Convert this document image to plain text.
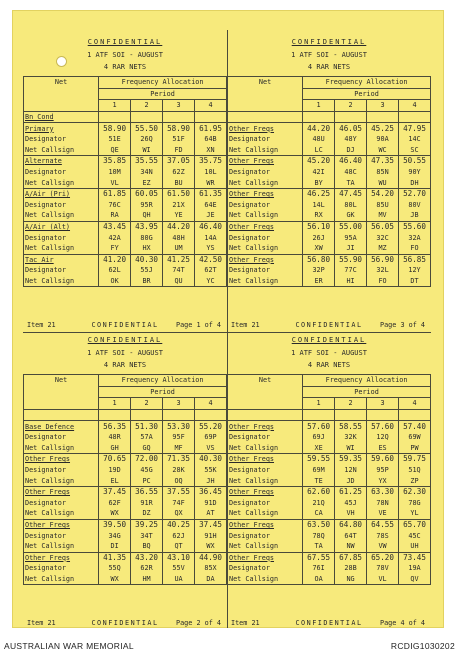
CONFIDENTIAL
1 ATF SOI - AUGUST
4 RAR NETS
Net	Frequency Allocation			
	Period			
	1	2	3	4
Bn Cond				
Primary	58.90	55.50	58.90	61.95
Designator	51E	26Q	51F	64B
Net Callsign	QE	WI	FD	XN
Alternate	35.85	35.55	37.05	35.75
Designator	10M	34N	62Z	10L
Net Callsign	VL	EZ	BU	WR
A/Air (Pri)	61.85	60.05	61.50	61.35
Designator	76C	95R	21X	64E
Net Callsign	RA	QH	YE	JE
A/Air (Alt)	43.45	43.95	44.20	46.40
Designator	42A	80G	48H	14A
Net Callsign	FY	HX	UM	YS
Tac Air	41.20	40.30	41.25	42.50
Designator	62L	55J	74T	62T
Net Callsign	OK	BR	QU	YC
Item 21	CONFIDENTIAL	Page 1 of 4
CONFIDENTIAL
1 ATF SOI - AUGUST
4 RAR NETS
Net	Frequency Allocation			
	Period			
	1	2	3	4

Other Freqs	44.20	46.05	45.25	47.95
Designator	48U	48Y	90A	14C
Net Callsign	LC	DJ	WC	SC
Other Freqs	45.20	46.40	47.35	50.55
Designator	42I	48C	85N	90Y
Net Callsign	BY	TA	WU	DH
Other Freqs	46.25	47.45	54.20	52.70
Designator	14L	80L	85U	80V
Net Callsign	RX	GK	MV	JB
Other Freqs	56.10	55.00	56.05	55.60
Designator	26J	95A	32C	32A
Net Callsign	XW	JI	MZ	FO
Other Freqs	56.80	55.90	56.90	56.85
Designator	32P	77C	32L	12Y
Net Callsign	ER	HI	FO	DT
Item 21	CONFIDENTIAL	Page 3 of 4
CONFIDENTIAL
1 ATF SOI - AUGUST
4 RAR NETS
Net	Frequency Allocation			
	Period			
	1	2	3	4

Base Defence	56.35	51.30	53.30	55.20
Designator	48R	57A	95F	69P
Net Callsign	GH	GQ	MF	VS
Other Freqs	70.65	72.00	71.35	40.30
Designator	19D	45G	28K	55K
Net Callsign	EL	PC	OQ	JH
Other Freqs	37.45	36.55	37.55	36.45
Designator	62F	91R	74F	91D
Net Callsign	WX	DZ	QX	AT
Other Freqs	39.50	39.25	40.25	37.45
Designator	34G	34T	62J	91H
Net Callsign	DI	BQ	QT	WX
Other Freqs	41.35	43.20	43.10	44.90
Designator	55Q	62R	55V	85X
Net Callsign	WX	HM	UA	DA
Item 21	CONFIDENTIAL	Page 2 of 4
CONFIDENTIAL
1 ATF SOI - AUGUST
4 RAR NETS
Net	Frequency Allocation			
	Period			
	1	2	3	4

Other Freqs	57.60	58.55	57.60	57.40
Designator	69J	32K	12Q	69W
Net Callsign	XE	WI	ES	PW
Other Freqs	59.55	59.35	59.60	59.75
Designator	69M	12N	95P	51Q
Net Callsign	TE	JD	YX	ZP
Other Freqs	62.60	61.25	63.30	62.30
Designator	21Q	45J	78N	78G
Net Callsign	CA	VH	VE	YL
Other Freqs	63.50	64.80	64.55	65.70
Designator	78Q	64T	78S	45C
Net Callsign	TA	NW	VW	UH
Other Freqs	67.55	67.85	65.20	73.45
Designator	76I	28B	78V	19A
Net Callsign	OA	NG	VL	QV
Item 21	CONFIDENTIAL	Page 4 of 4
AUSTRALIAN WAR MEMORIAL	RCDIG1030202
